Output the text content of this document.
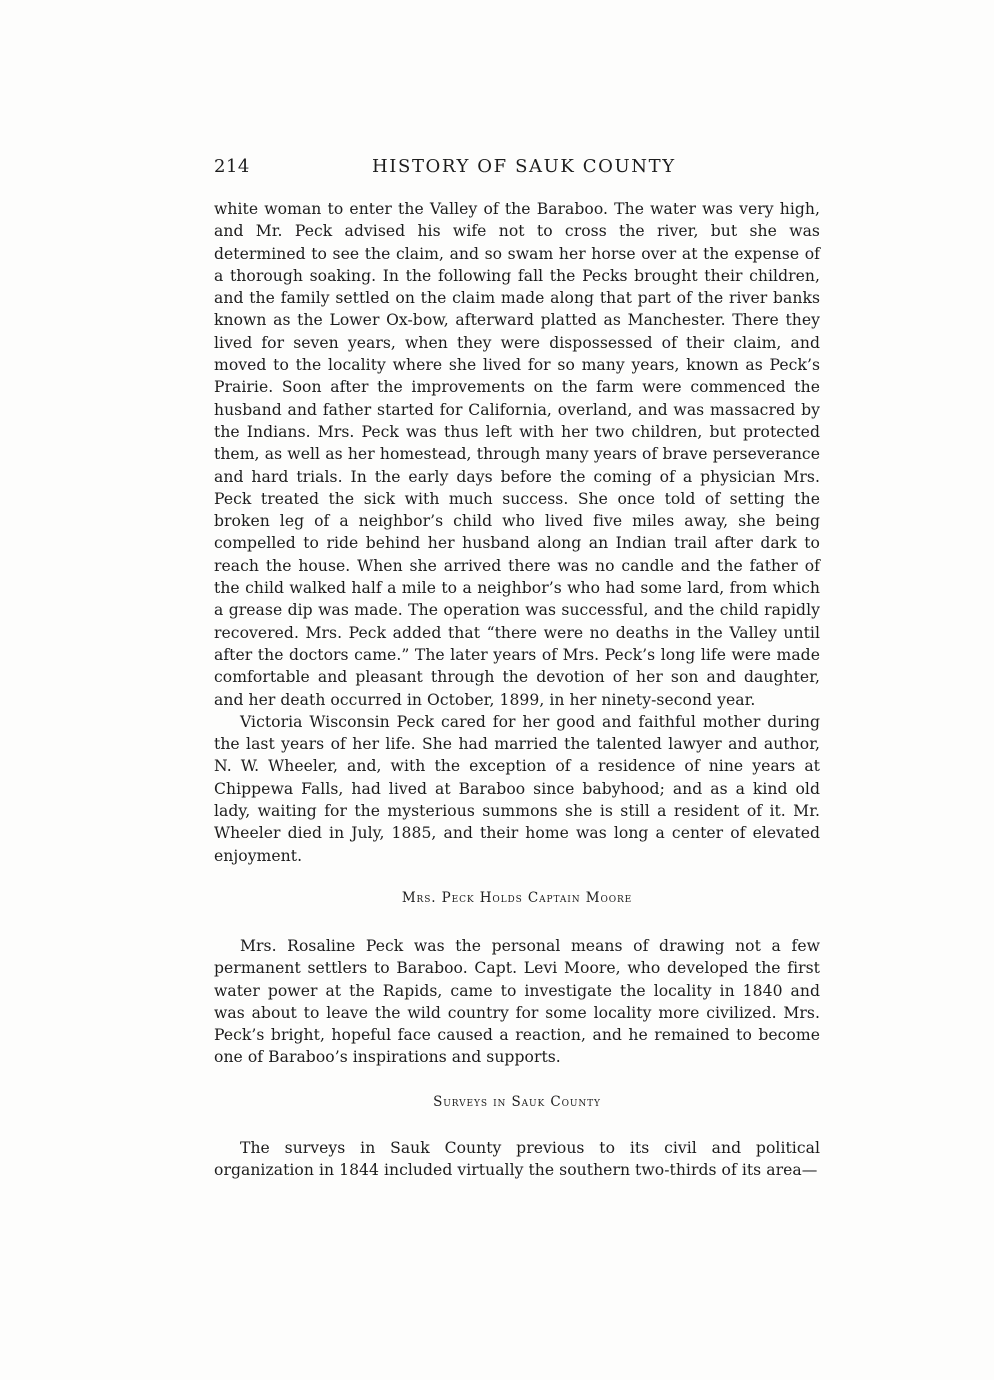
214	HISTORY OF SAUK COUNTY

white woman to enter the Valley of the Baraboo. The water was very high, and Mr. Peck advised his wife not to cross the river, but she was determined to see the claim, and so swam her horse over at the expense of a thorough soaking. In the following fall the Pecks brought their children, and the family settled on the claim made along that part of the river banks known as the Lower Ox-bow, afterward platted as Manchester. There they lived for seven years, when they were dispossessed of their claim, and moved to the locality where she lived for so many years, known as Peck’s Prairie. Soon after the improvements on the farm were commenced the husband and father started for California, overland, and was massacred by the Indians. Mrs. Peck was thus left with her two children, but protected them, as well as her homestead, through many years of brave perseverance and hard trials. In the early days before the coming of a physician Mrs. Peck treated the sick with much success. She once told of setting the broken leg of a neighbor’s child who lived five miles away, she being compelled to ride behind her husband along an Indian trail after dark to reach the house. When she arrived there was no candle and the father of the child walked half a mile to a neighbor’s who had some lard, from which a grease dip was made. The operation was successful, and the child rapidly recovered. Mrs. Peck added that “there were no deaths in the Valley until after the doctors came.” The later years of Mrs. Peck’s long life were made comfortable and pleasant through the devotion of her son and daughter, and her death occurred in October, 1899, in her ninety-second year.

Victoria Wisconsin Peck cared for her good and faithful mother during the last years of her life. She had married the talented lawyer and author, N. W. Wheeler, and, with the exception of a residence of nine years at Chippewa Falls, had lived at Baraboo since babyhood; and as a kind old lady, waiting for the mysterious summons she is still a resident of it. Mr. Wheeler died in July, 1885, and their home was long a center of elevated enjoyment.

Mrs. Peck Holds Captain Moore

Mrs. Rosaline Peck was the personal means of drawing not a few permanent settlers to Baraboo. Capt. Levi Moore, who developed the first water power at the Rapids, came to investigate the locality in 1840 and was about to leave the wild country for some locality more civilized. Mrs. Peck’s bright, hopeful face caused a reaction, and he remained to become one of Baraboo’s inspirations and supports.

Surveys in Sauk County

The surveys in Sauk County previous to its civil and political organization in 1844 included virtually the southern two-thirds of its area—
